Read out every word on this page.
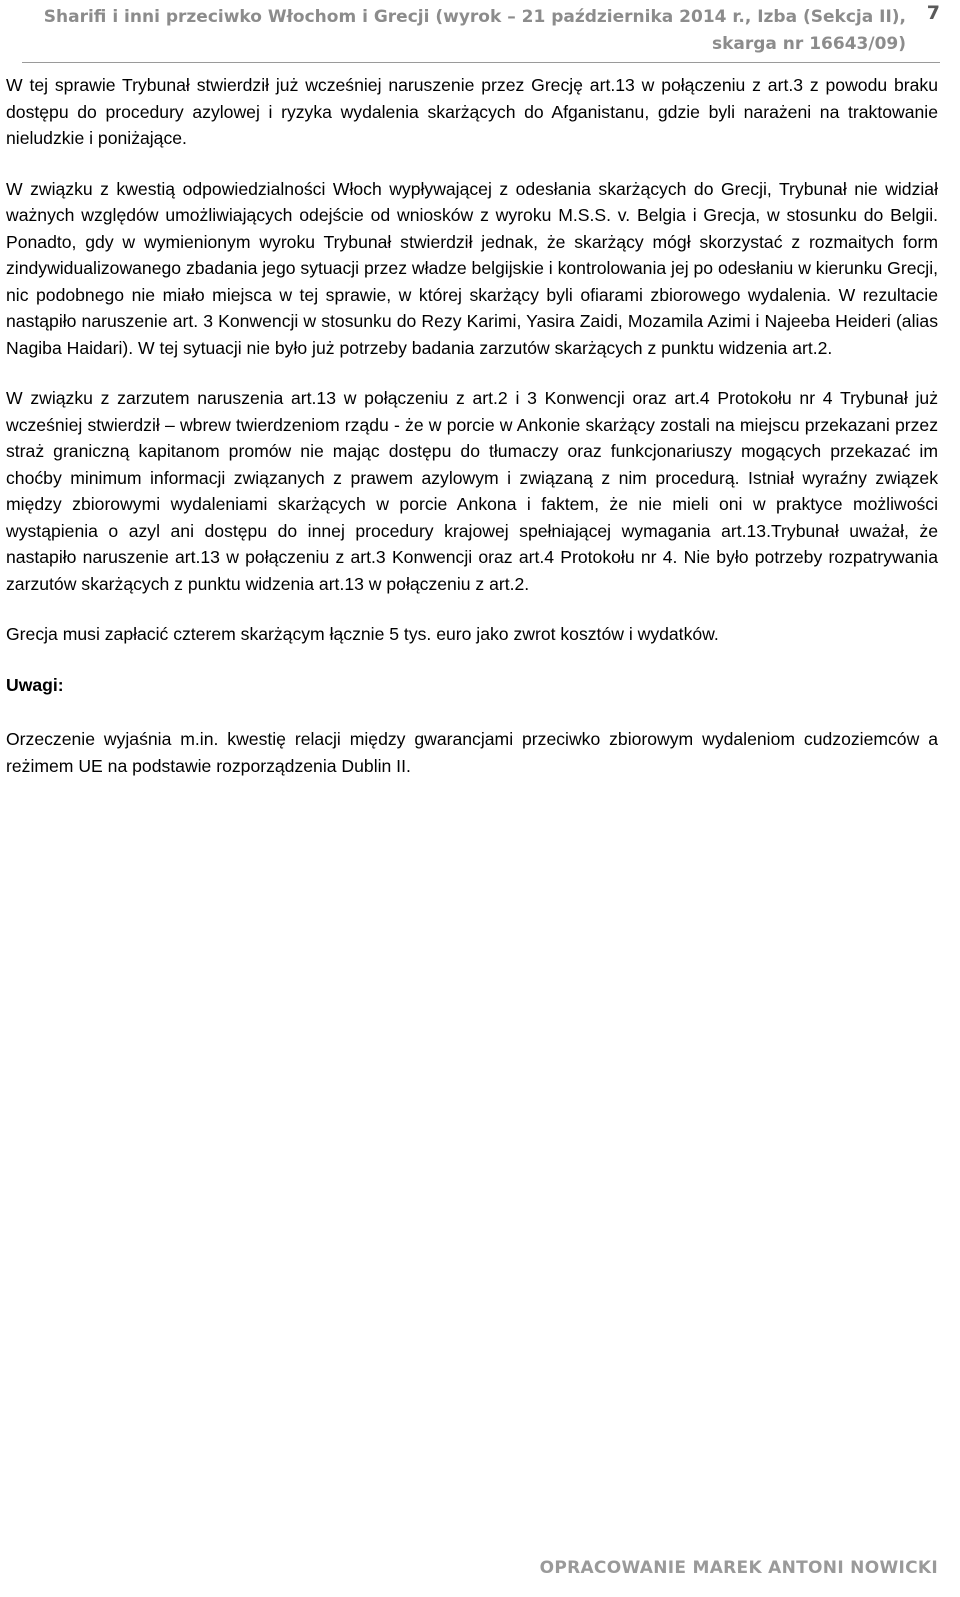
Sharifi i inni przeciwko Włochom i Grecji (wyrok – 21 października 2014 r., Izba (Sekcja II),
skarga nr 16643/09)
7

W tej sprawie Trybunał stwierdził już wcześniej naruszenie przez Grecję art.13 w połączeniu z art.3 z powodu braku dostępu do procedury azylowej i ryzyka wydalenia skarżących do Afganistanu, gdzie byli narażeni na traktowanie nieludzkie i poniżające.

W związku z kwestią odpowiedzialności Włoch wypływającej z odesłania skarżących do Grecji, Trybunał nie widział ważnych względów umożliwiających odejście od wniosków z wyroku M.S.S. v. Belgia i Grecja, w stosunku do Belgii. Ponadto, gdy w wymienionym wyroku Trybunał stwierdził jednak, że skarżący mógł skorzystać z rozmaitych form zindywidualizowanego zbadania jego sytuacji przez władze belgijskie i kontrolowania jej po odesłaniu w kierunku Grecji, nic podobnego nie miało miejsca w tej sprawie, w której skarżący byli ofiarami zbiorowego wydalenia. W rezultacie nastąpiło naruszenie art. 3 Konwencji w stosunku do Rezy Karimi, Yasira Zaidi, Mozamila Azimi i Najeeba Heideri (alias Nagiba Haidari). W tej sytuacji nie było już potrzeby badania zarzutów skarżących z punktu widzenia art.2.

W związku z zarzutem naruszenia art.13 w połączeniu z art.2 i 3 Konwencji oraz art.4 Protokołu nr 4 Trybunał już wcześniej stwierdził – wbrew twierdzeniom rządu - że w porcie w Ankonie skarżący zostali na miejscu przekazani przez straż graniczną kapitanom promów nie mając dostępu do tłumaczy oraz funkcjonariuszy mogących przekazać im choćby minimum informacji związanych z prawem azylowym i związaną z nim procedurą. Istniał wyraźny związek między zbiorowymi wydaleniami skarżących w porcie Ankona i faktem, że nie mieli oni w praktyce możliwości wystąpienia o azyl ani dostępu do innej procedury krajowej spełniającej wymagania art.13.Trybunał uważał, że nastapiło naruszenie art.13 w połączeniu z art.3 Konwencji oraz art.4 Protokołu nr 4. Nie było potrzeby rozpatrywania zarzutów skarżących z punktu widzenia art.13 w połączeniu z art.2.

Grecja musi zapłacić czterem skarżącym łącznie 5 tys. euro jako zwrot kosztów i wydatków.

Uwagi:

Orzeczenie wyjaśnia m.in. kwestię relacji między gwarancjami przeciwko zbiorowym wydaleniom cudzoziemców a reżimem UE na podstawie rozporządzenia Dublin II.

OPRACOWANIE MAREK ANTONI NOWICKI
